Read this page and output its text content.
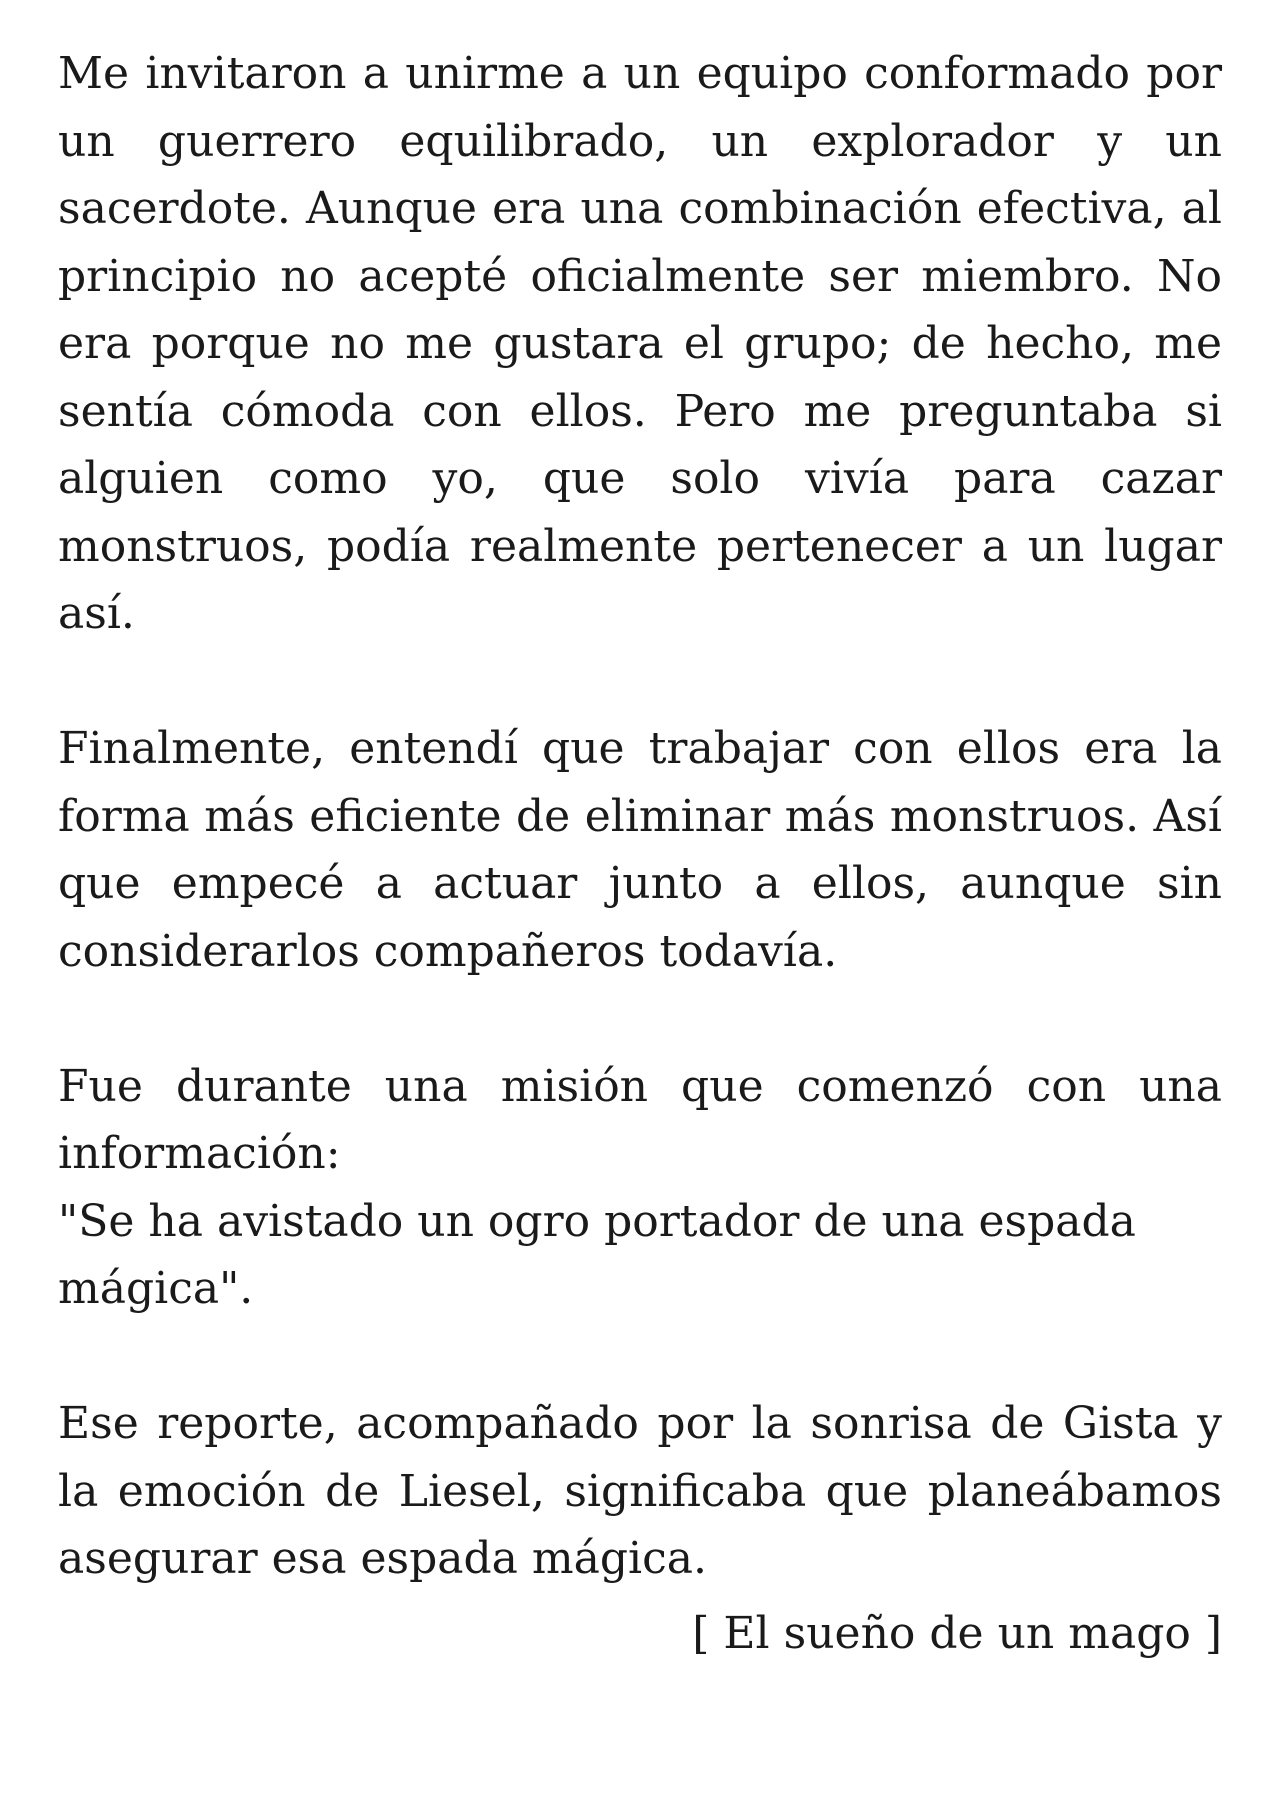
Me invitaron a unirme a un equipo conformado por un guerrero equilibrado, un explorador y un sacerdote. Aunque era una combinación efectiva, al principio no acepté oficialmente ser miembro. No era porque no me gustara el grupo; de hecho, me sentía cómoda con ellos. Pero me preguntaba si alguien como yo, que solo vivía para cazar monstruos, podía realmente pertenecer a un lugar así.

Finalmente, entendí que trabajar con ellos era la forma más eficiente de eliminar más monstruos. Así que empecé a actuar junto a ellos, aunque sin considerarlos compañeros todavía.

Fue durante una misión que comenzó con una información:

"Se ha avistado un ogro portador de una espada mágica".

Ese reporte, acompañado por la sonrisa de Gista y la emoción de Liesel, significaba que planeábamos asegurar esa espada mágica.

[ El sueño de un mago ]
